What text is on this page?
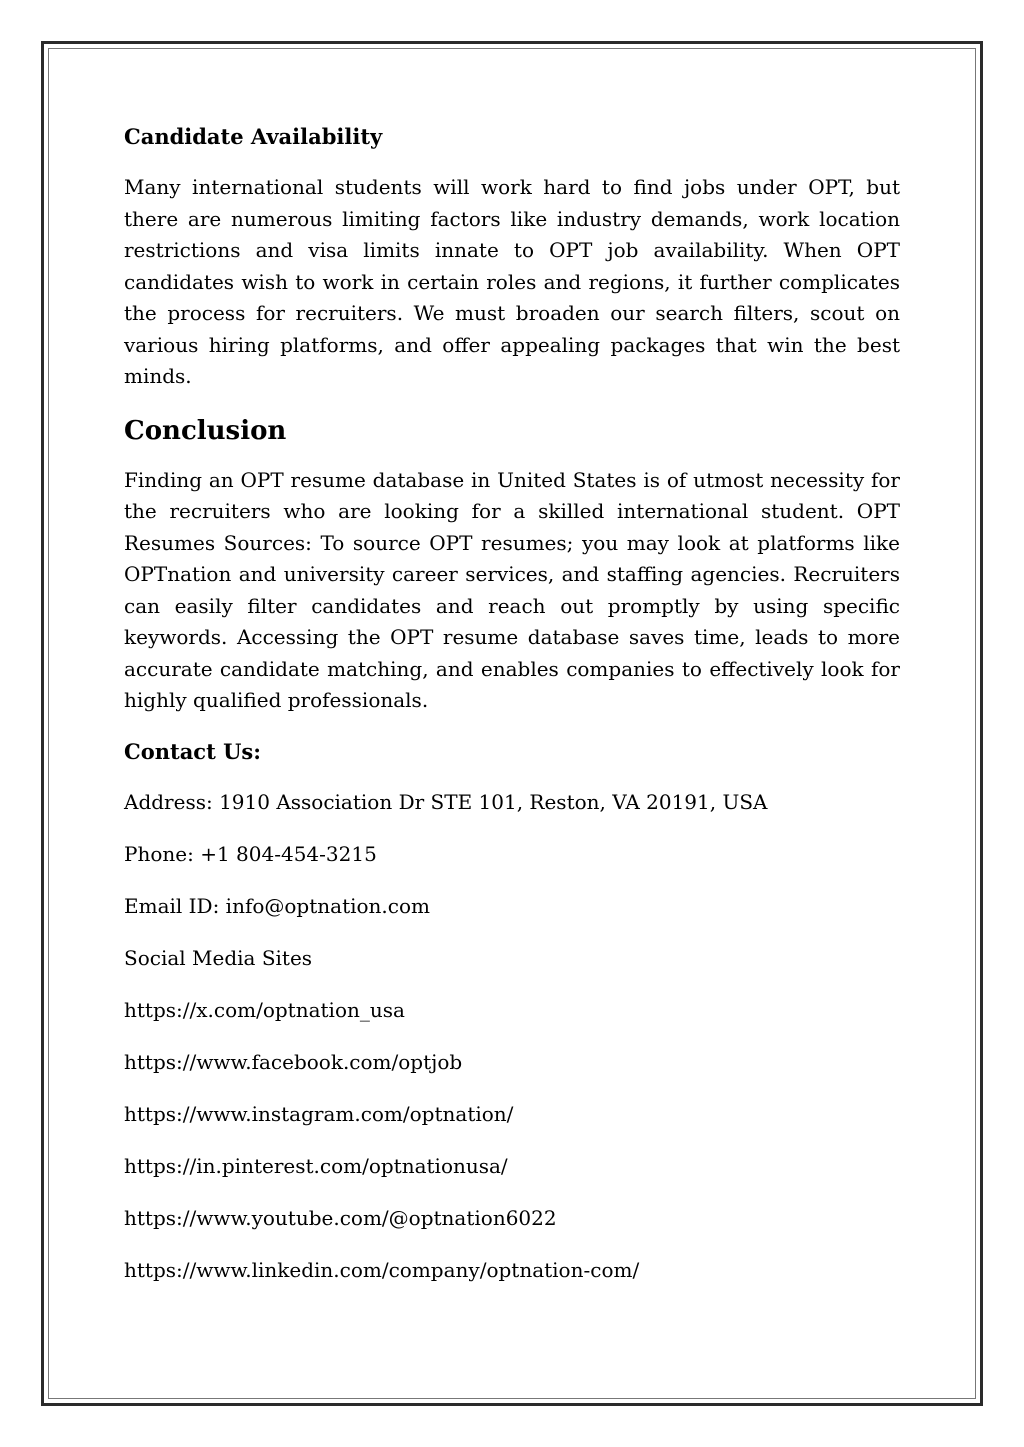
Candidate Availability

Many international students will work hard to find jobs under OPT, but there are numerous limiting factors like industry demands, work location restrictions and visa limits innate to OPT job availability. When OPT candidates wish to work in certain roles and regions, it further complicates the process for recruiters. We must broaden our search filters, scout on various hiring platforms, and offer appealing packages that win the best minds.

Conclusion

Finding an OPT resume database in United States is of utmost necessity for the recruiters who are looking for a skilled international student. OPT Resumes Sources: To source OPT resumes; you may look at platforms like OPTnation and university career services, and staffing agencies. Recruiters can easily filter candidates and reach out promptly by using specific keywords. Accessing the OPT resume database saves time, leads to more accurate candidate matching, and enables companies to effectively look for highly qualified professionals.

Contact Us:
Address: 1910 Association Dr STE 101, Reston, VA 20191, USA
Phone: +1 804-454-3215
Email ID: info@optnation.com
Social Media Sites
https://x.com/optnation_usa
https://www.facebook.com/optjob
https://www.instagram.com/optnation/
https://in.pinterest.com/optnationusa/
https://www.youtube.com/@optnation6022
https://www.linkedin.com/company/optnation-com/
